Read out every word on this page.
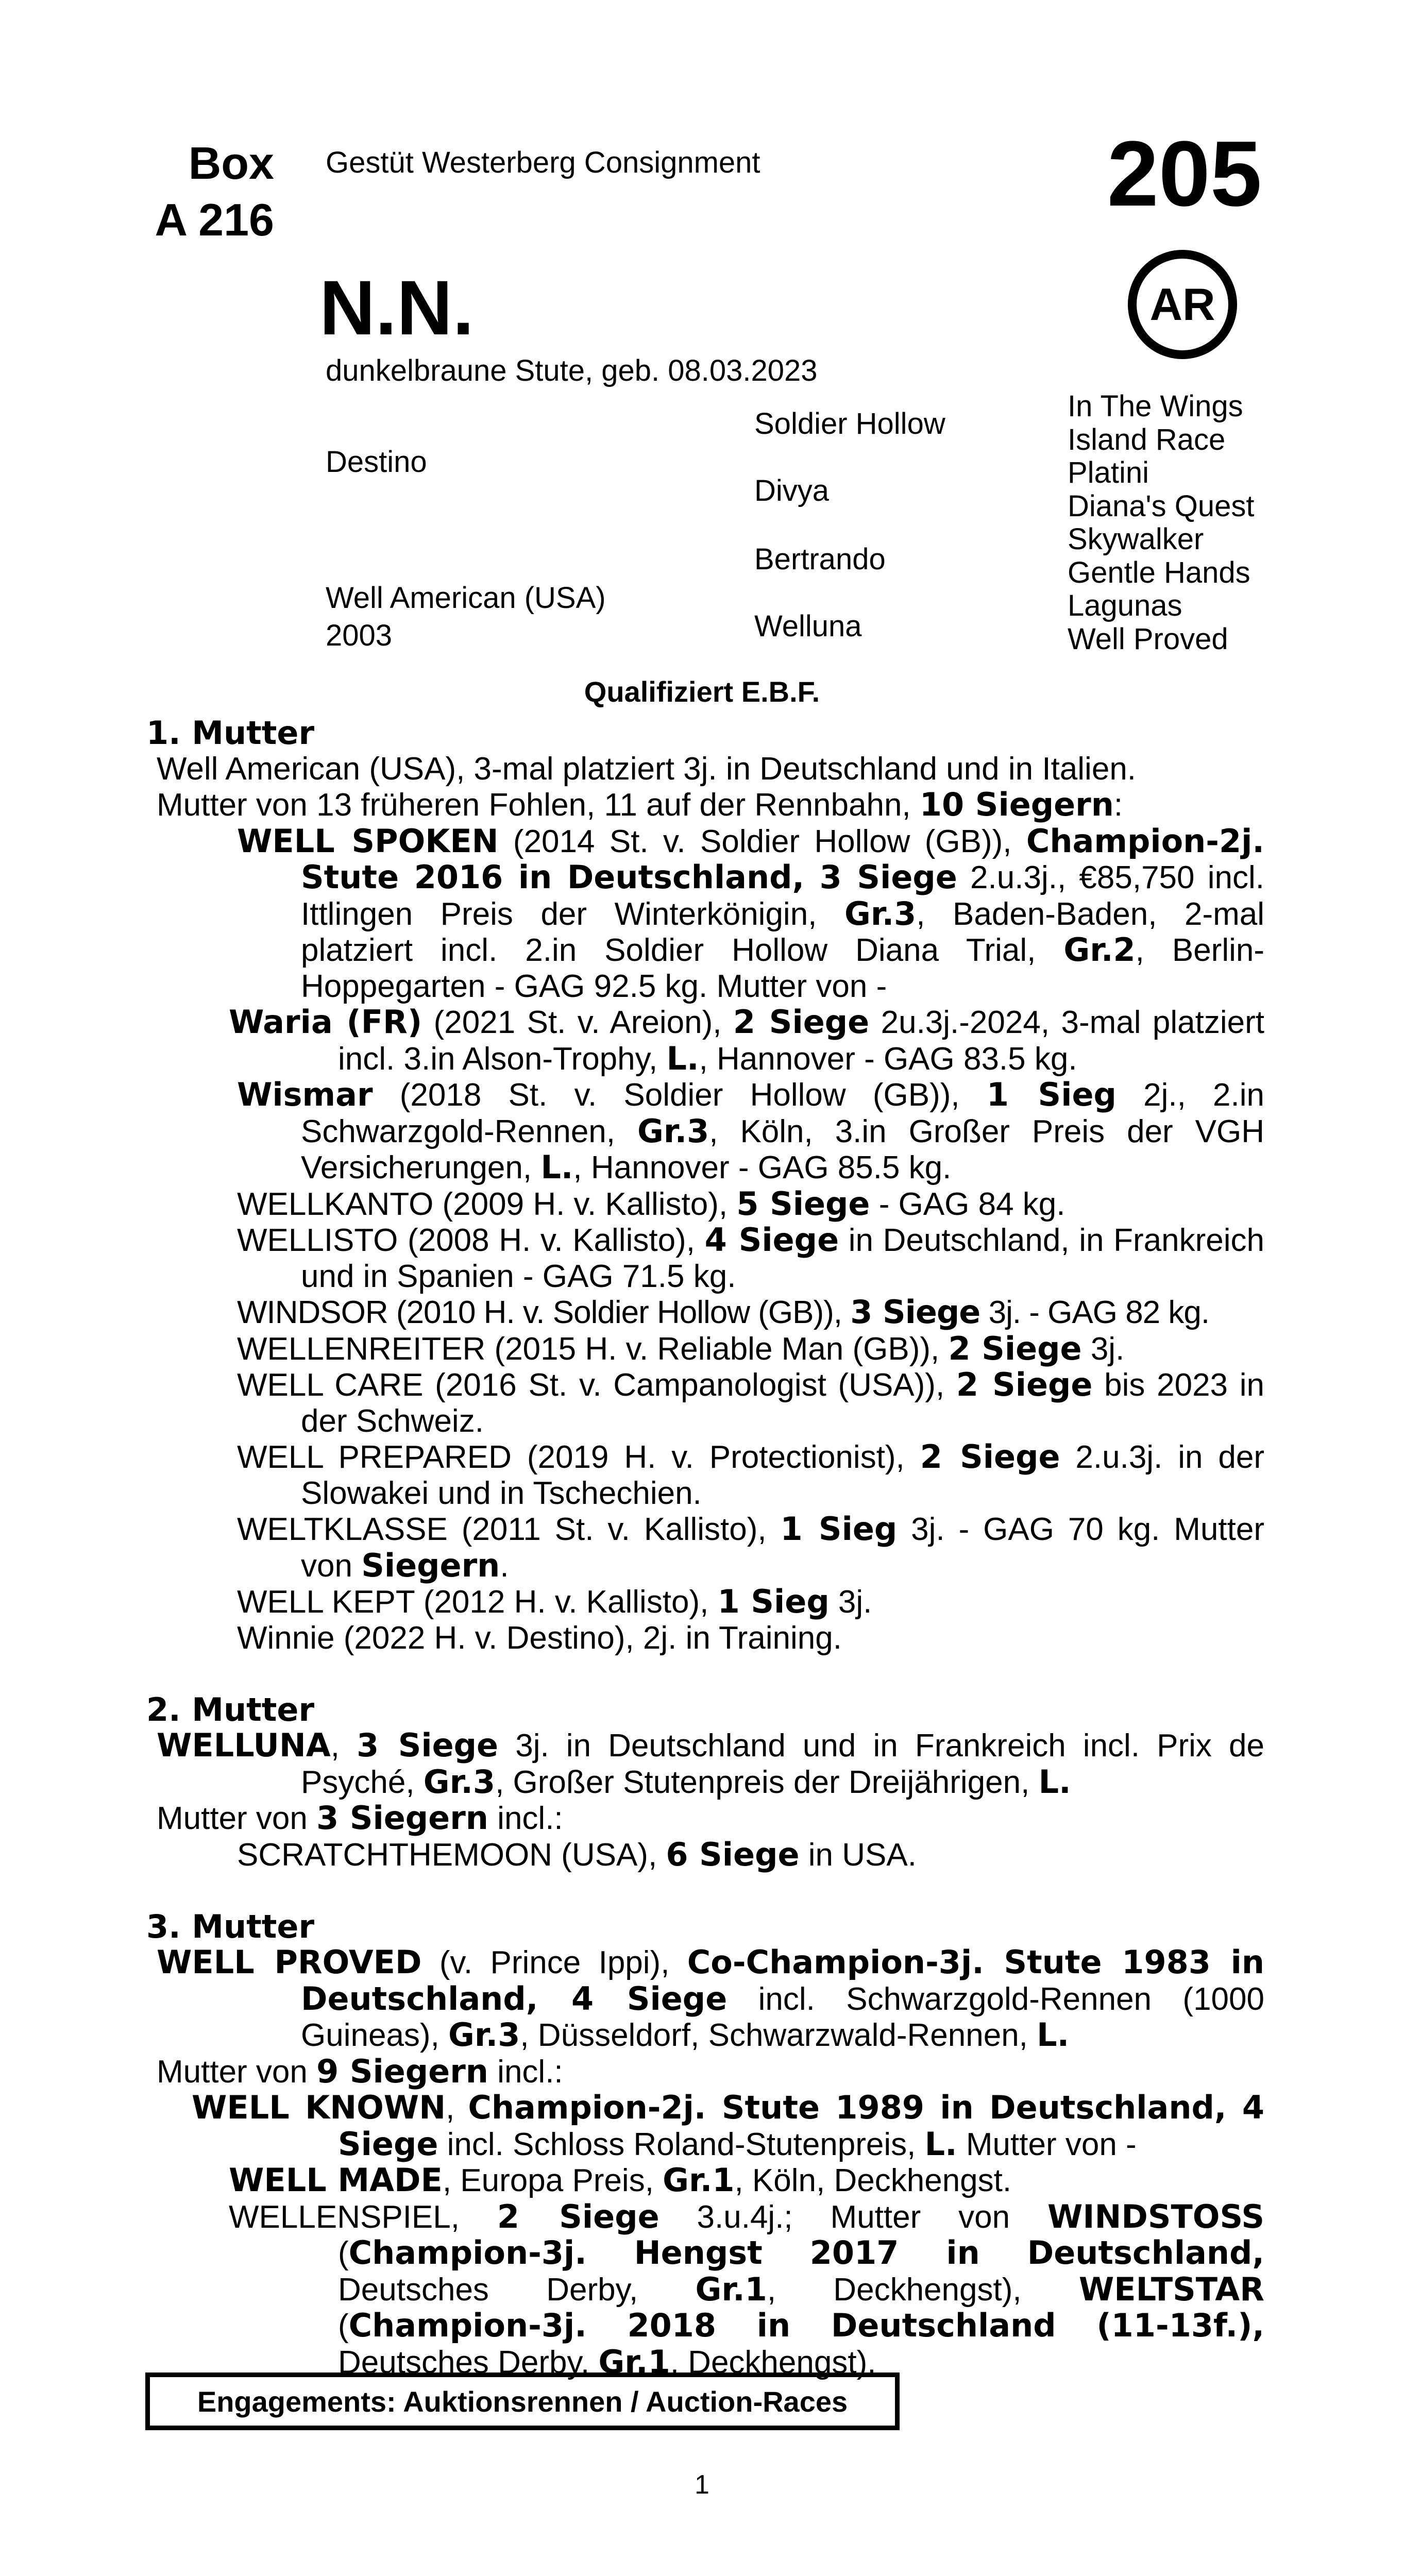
Box
A 216
Gestüt Westerberg Consignment	205
N.N.	AR
dunkelbraune Stute, geb. 08.03.2023
Destino
Well American (USA)
2003
Soldier Hollow
Divya
Bertrando
Welluna
In The Wings
Island Race
Platini
Diana's Quest
Skywalker
Gentle Hands
Lagunas
Well Proved
Qualifiziert E.B.F.
1. Mutter
Well American (USA), 3-mal platziert 3j. in Deutschland und in Italien.
Mutter von 13 früheren Fohlen, 11 auf der Rennbahn, 10 Siegern:
WELL SPOKEN (2014 St. v. Soldier Hollow (GB)), Champion-2j. Stute 2016 in Deutschland, 3 Siege 2.u.3j., €85,750 incl. Ittlingen Preis der Winterkönigin, Gr.3, Baden-Baden, 2-mal platziert incl. 2.in Soldier Hollow Diana Trial, Gr.2, Berlin-Hoppegarten - GAG 92.5 kg. Mutter von -
Waria (FR) (2021 St. v. Areion), 2 Siege 2u.3j.-2024, 3-mal platziert incl. 3.in Alson-Trophy, L., Hannover - GAG 83.5 kg.
Wismar (2018 St. v. Soldier Hollow (GB)), 1 Sieg 2j., 2.in Schwarzgold-Rennen, Gr.3, Köln, 3.in Großer Preis der VGH Versicherungen, L., Hannover - GAG 85.5 kg.
WELLKANTO (2009 H. v. Kallisto), 5 Siege - GAG 84 kg.
WELLISTO (2008 H. v. Kallisto), 4 Siege in Deutschland, in Frankreich und in Spanien - GAG 71.5 kg.
WINDSOR (2010 H. v. Soldier Hollow (GB)), 3 Siege 3j. - GAG 82 kg.
WELLENREITER (2015 H. v. Reliable Man (GB)), 2 Siege 3j.
WELL CARE (2016 St. v. Campanologist (USA)), 2 Siege bis 2023 in der Schweiz.
WELL PREPARED (2019 H. v. Protectionist), 2 Siege 2.u.3j. in der Slowakei und in Tschechien.
WELTKLASSE (2011 St. v. Kallisto), 1 Sieg 3j. - GAG 70 kg. Mutter von Siegern.
WELL KEPT (2012 H. v. Kallisto), 1 Sieg 3j.
Winnie (2022 H. v. Destino), 2j. in Training.
2. Mutter
WELLUNA, 3 Siege 3j. in Deutschland und in Frankreich incl. Prix de Psyché, Gr.3, Großer Stutenpreis der Dreijährigen, L.
Mutter von 3 Siegern incl.:
SCRATCHTHEMOON (USA), 6 Siege in USA.
3. Mutter
WELL PROVED (v. Prince Ippi), Co-Champion-3j. Stute 1983 in Deutschland, 4 Siege incl. Schwarzgold-Rennen (1000 Guineas), Gr.3, Düsseldorf, Schwarzwald-Rennen, L.
Mutter von 9 Siegern incl.:
WELL KNOWN, Champion-2j. Stute 1989 in Deutschland, 4 Siege incl. Schloss Roland-Stutenpreis, L. Mutter von -
WELL MADE, Europa Preis, Gr.1, Köln, Deckhengst.
WELLENSPIEL, 2 Siege 3.u.4j.; Mutter von WINDSTOSS (Champion-3j. Hengst 2017 in Deutschland, Deutsches Derby, Gr.1, Deckhengst), WELTSTAR (Champion-3j. 2018 in Deutschland (11-13f.), Deutsches Derby, Gr.1, Deckhengst).
Engagements: Auktionsrennen / Auction-Races
1
